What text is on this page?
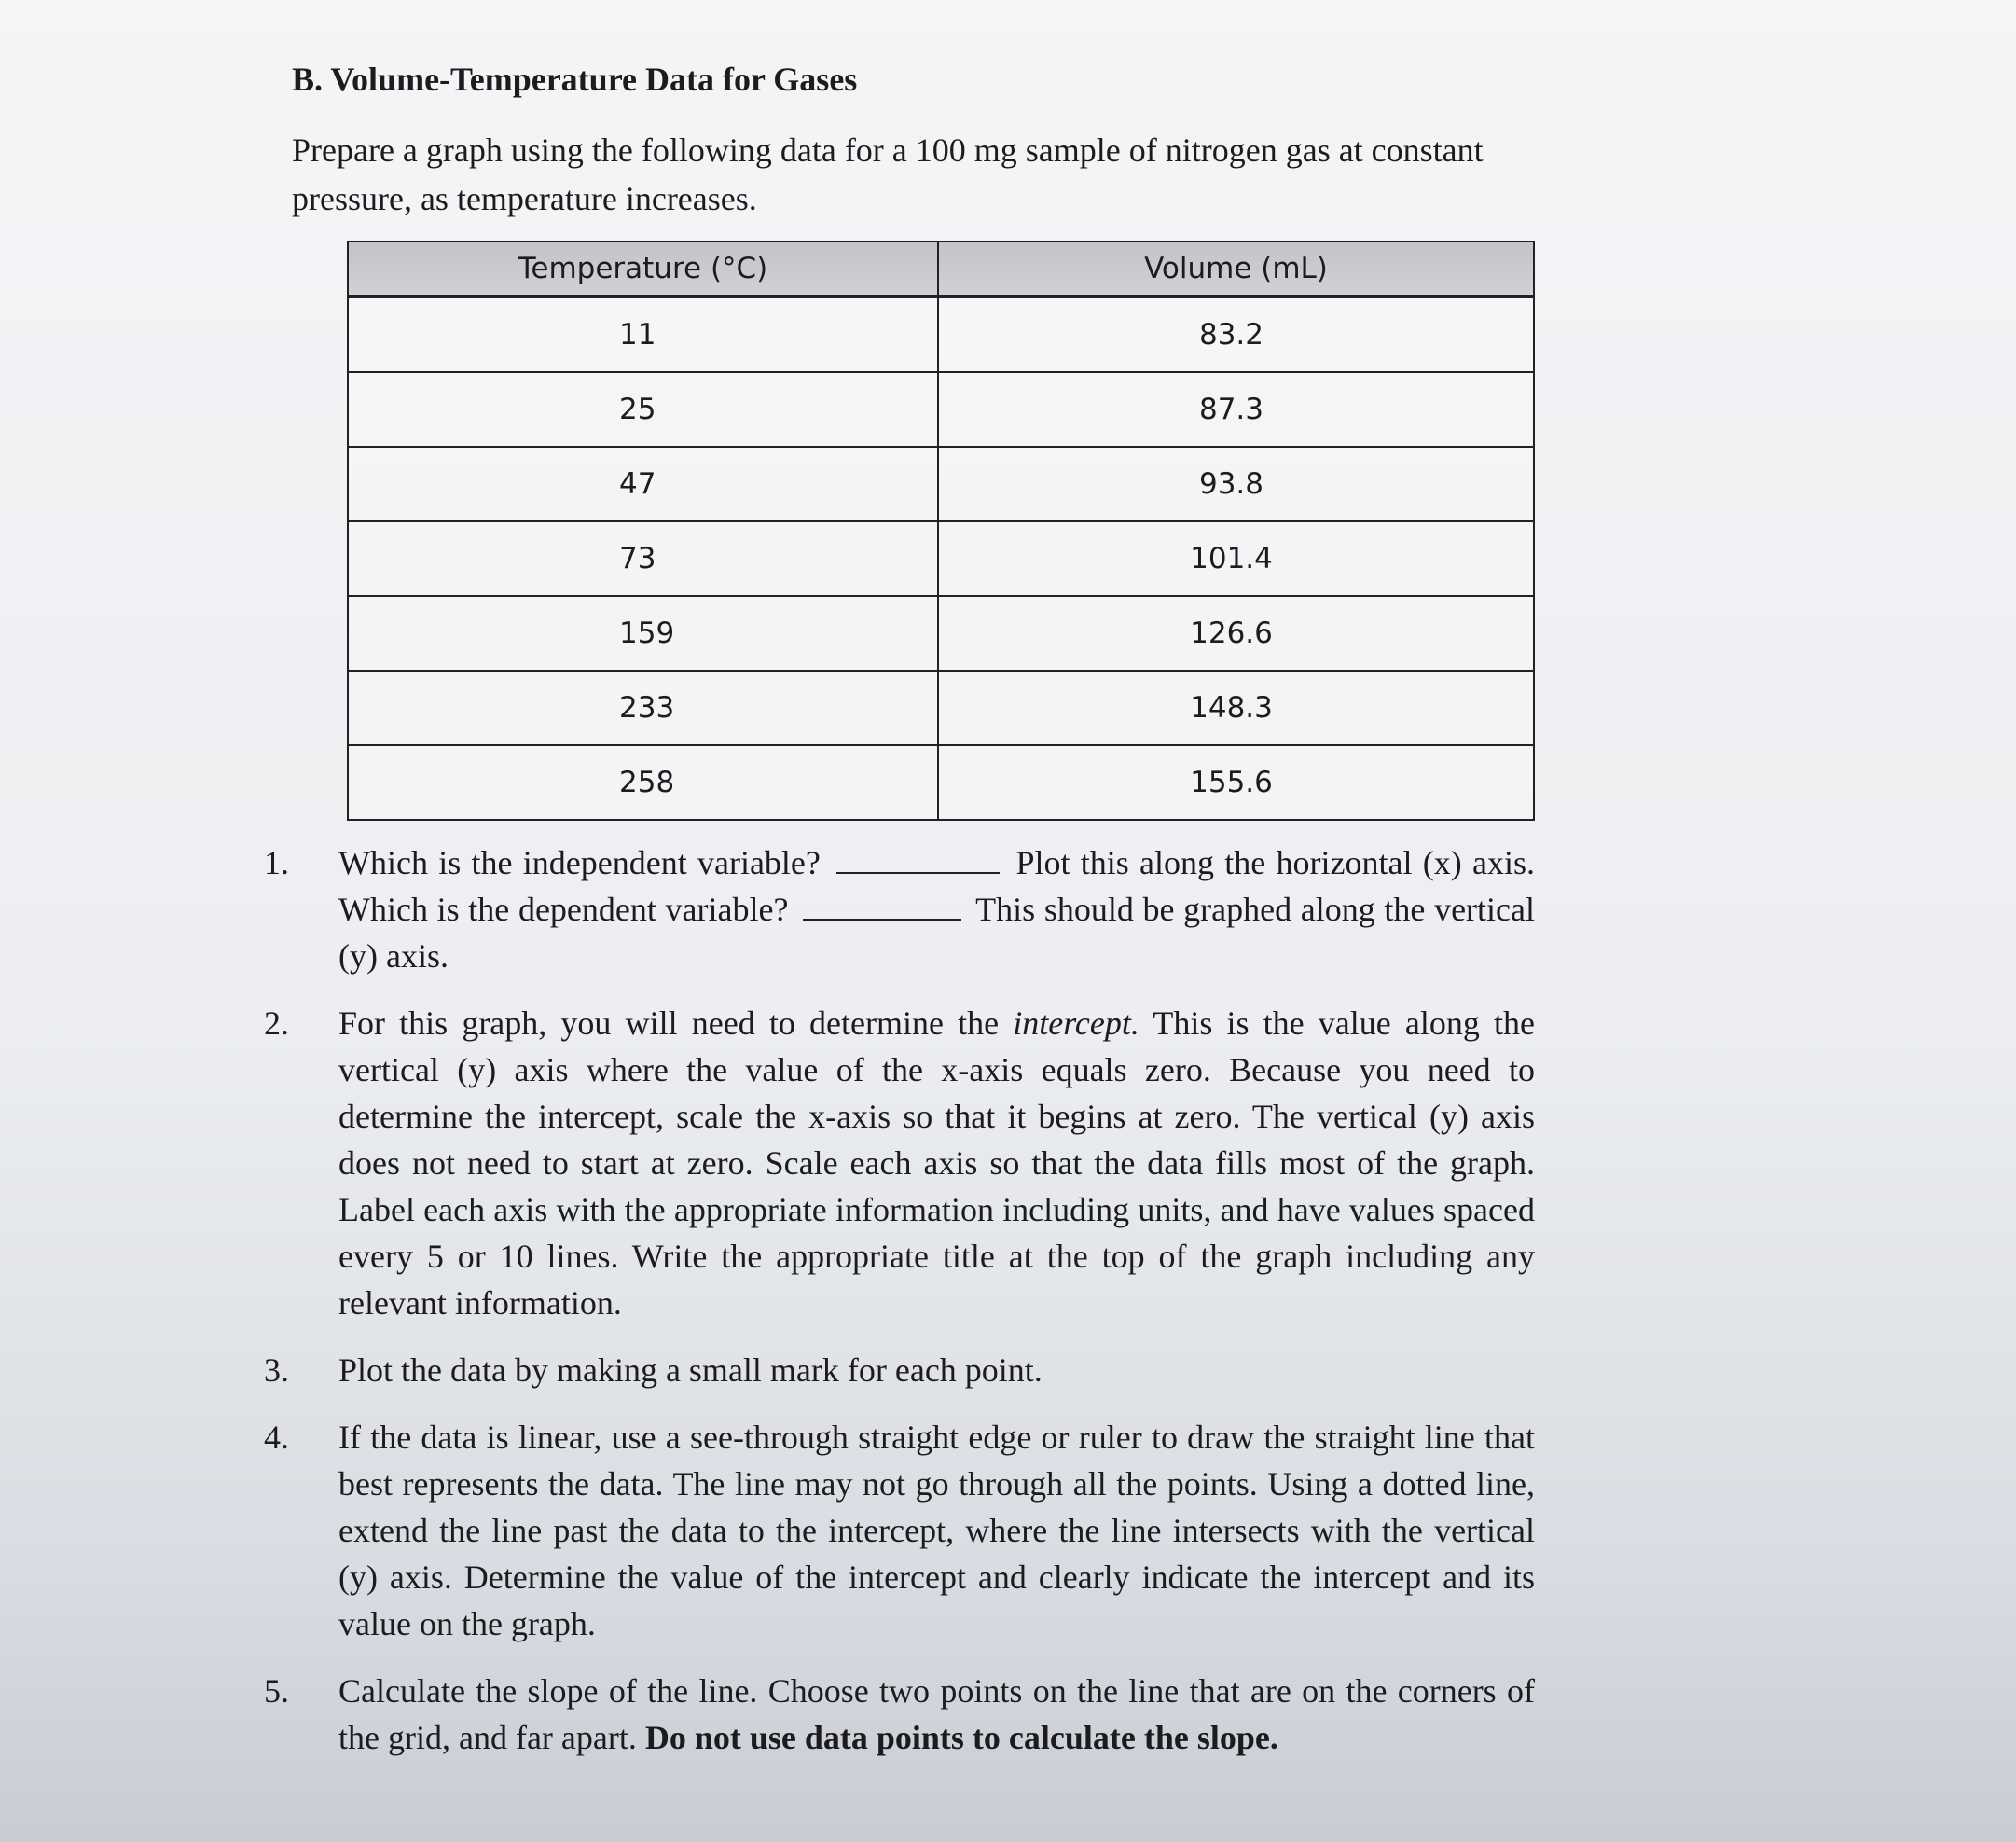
B. Volume-Temperature Data for Gases
Prepare a graph using the following data for a 100 mg sample of nitrogen gas at constant pressure, as temperature increases.
Temperature (°C)	Volume (mL)
11	83.2
25	87.3
47	93.8
73	101.4
159	126.6
233	148.3
258	155.6
1. Which is the independent variable?	Plot this along the horizontal (x) axis. Which is the dependent variable?	This should be graphed along the vertical (y) axis.
2. For this graph, you will need to determine the intercept. This is the value along the vertical (y) axis where the value of the x-axis equals zero. Because you need to determine the intercept, scale the x-axis so that it begins at zero. The vertical (y) axis does not need to start at zero. Scale each axis so that the data fills most of the graph. Label each axis with the appropriate information including units, and have values spaced every 5 or 10 lines. Write the appropriate title at the top of the graph including any relevant information.
3. Plot the data by making a small mark for each point.
4. If the data is linear, use a see-through straight edge or ruler to draw the straight line that best represents the data. The line may not go through all the points. Using a dotted line, extend the line past the data to the intercept, where the line intersects with the vertical (y) axis. Determine the value of the intercept and clearly indicate the intercept and its value on the graph.
5. Calculate the slope of the line. Choose two points on the line that are on the corners of the grid, and far apart. Do not use data points to calculate the slope.
